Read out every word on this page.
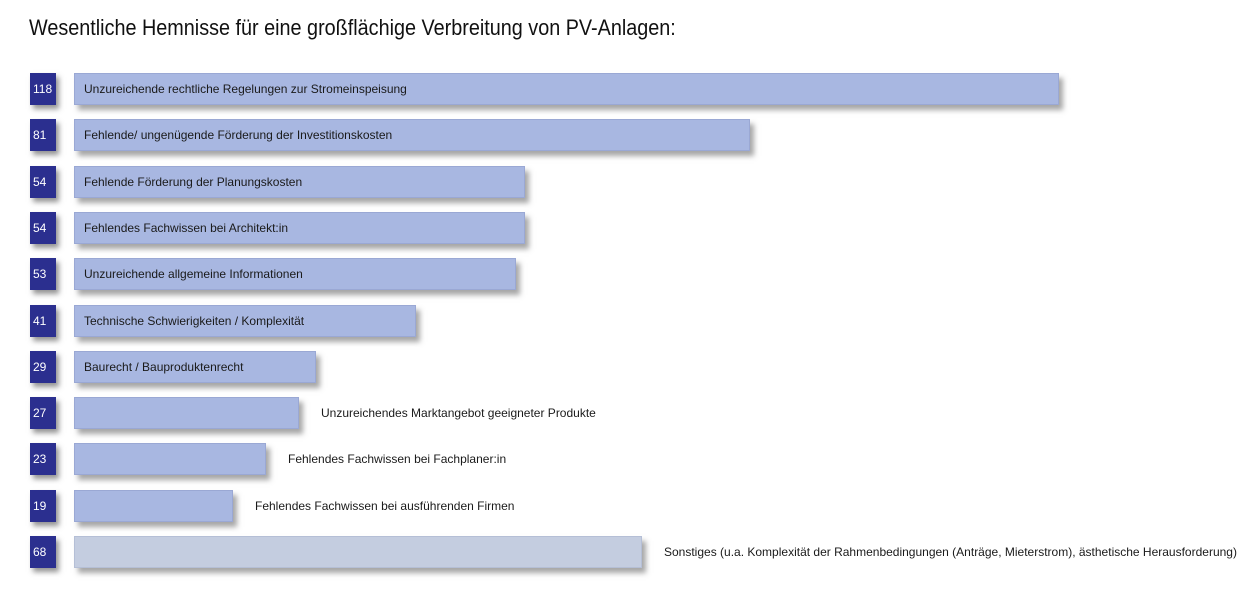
Wesentliche Hemnisse für eine großflächige Verbreitung von PV-Anlagen:
118	Unzureichende rechtliche Regelungen zur Stromeinspeisung
81	Fehlende/ ungenügende Förderung der Investitionskosten
54	Fehlende Förderung der Planungskosten
54	Fehlendes Fachwissen bei Architekt:in
53	Unzureichende allgemeine Informationen
41	Technische Schwierigkeiten / Komplexität
29	Baurecht / Bauproduktenrecht
27	Unzureichendes Marktangebot geeigneter Produkte
23	Fehlendes Fachwissen bei Fachplaner:in
19	Fehlendes Fachwissen bei ausführenden Firmen
68	Sonstiges (u.a. Komplexität der Rahmenbedingungen (Anträge, Mieterstrom), ästhetische Herausforderung)
